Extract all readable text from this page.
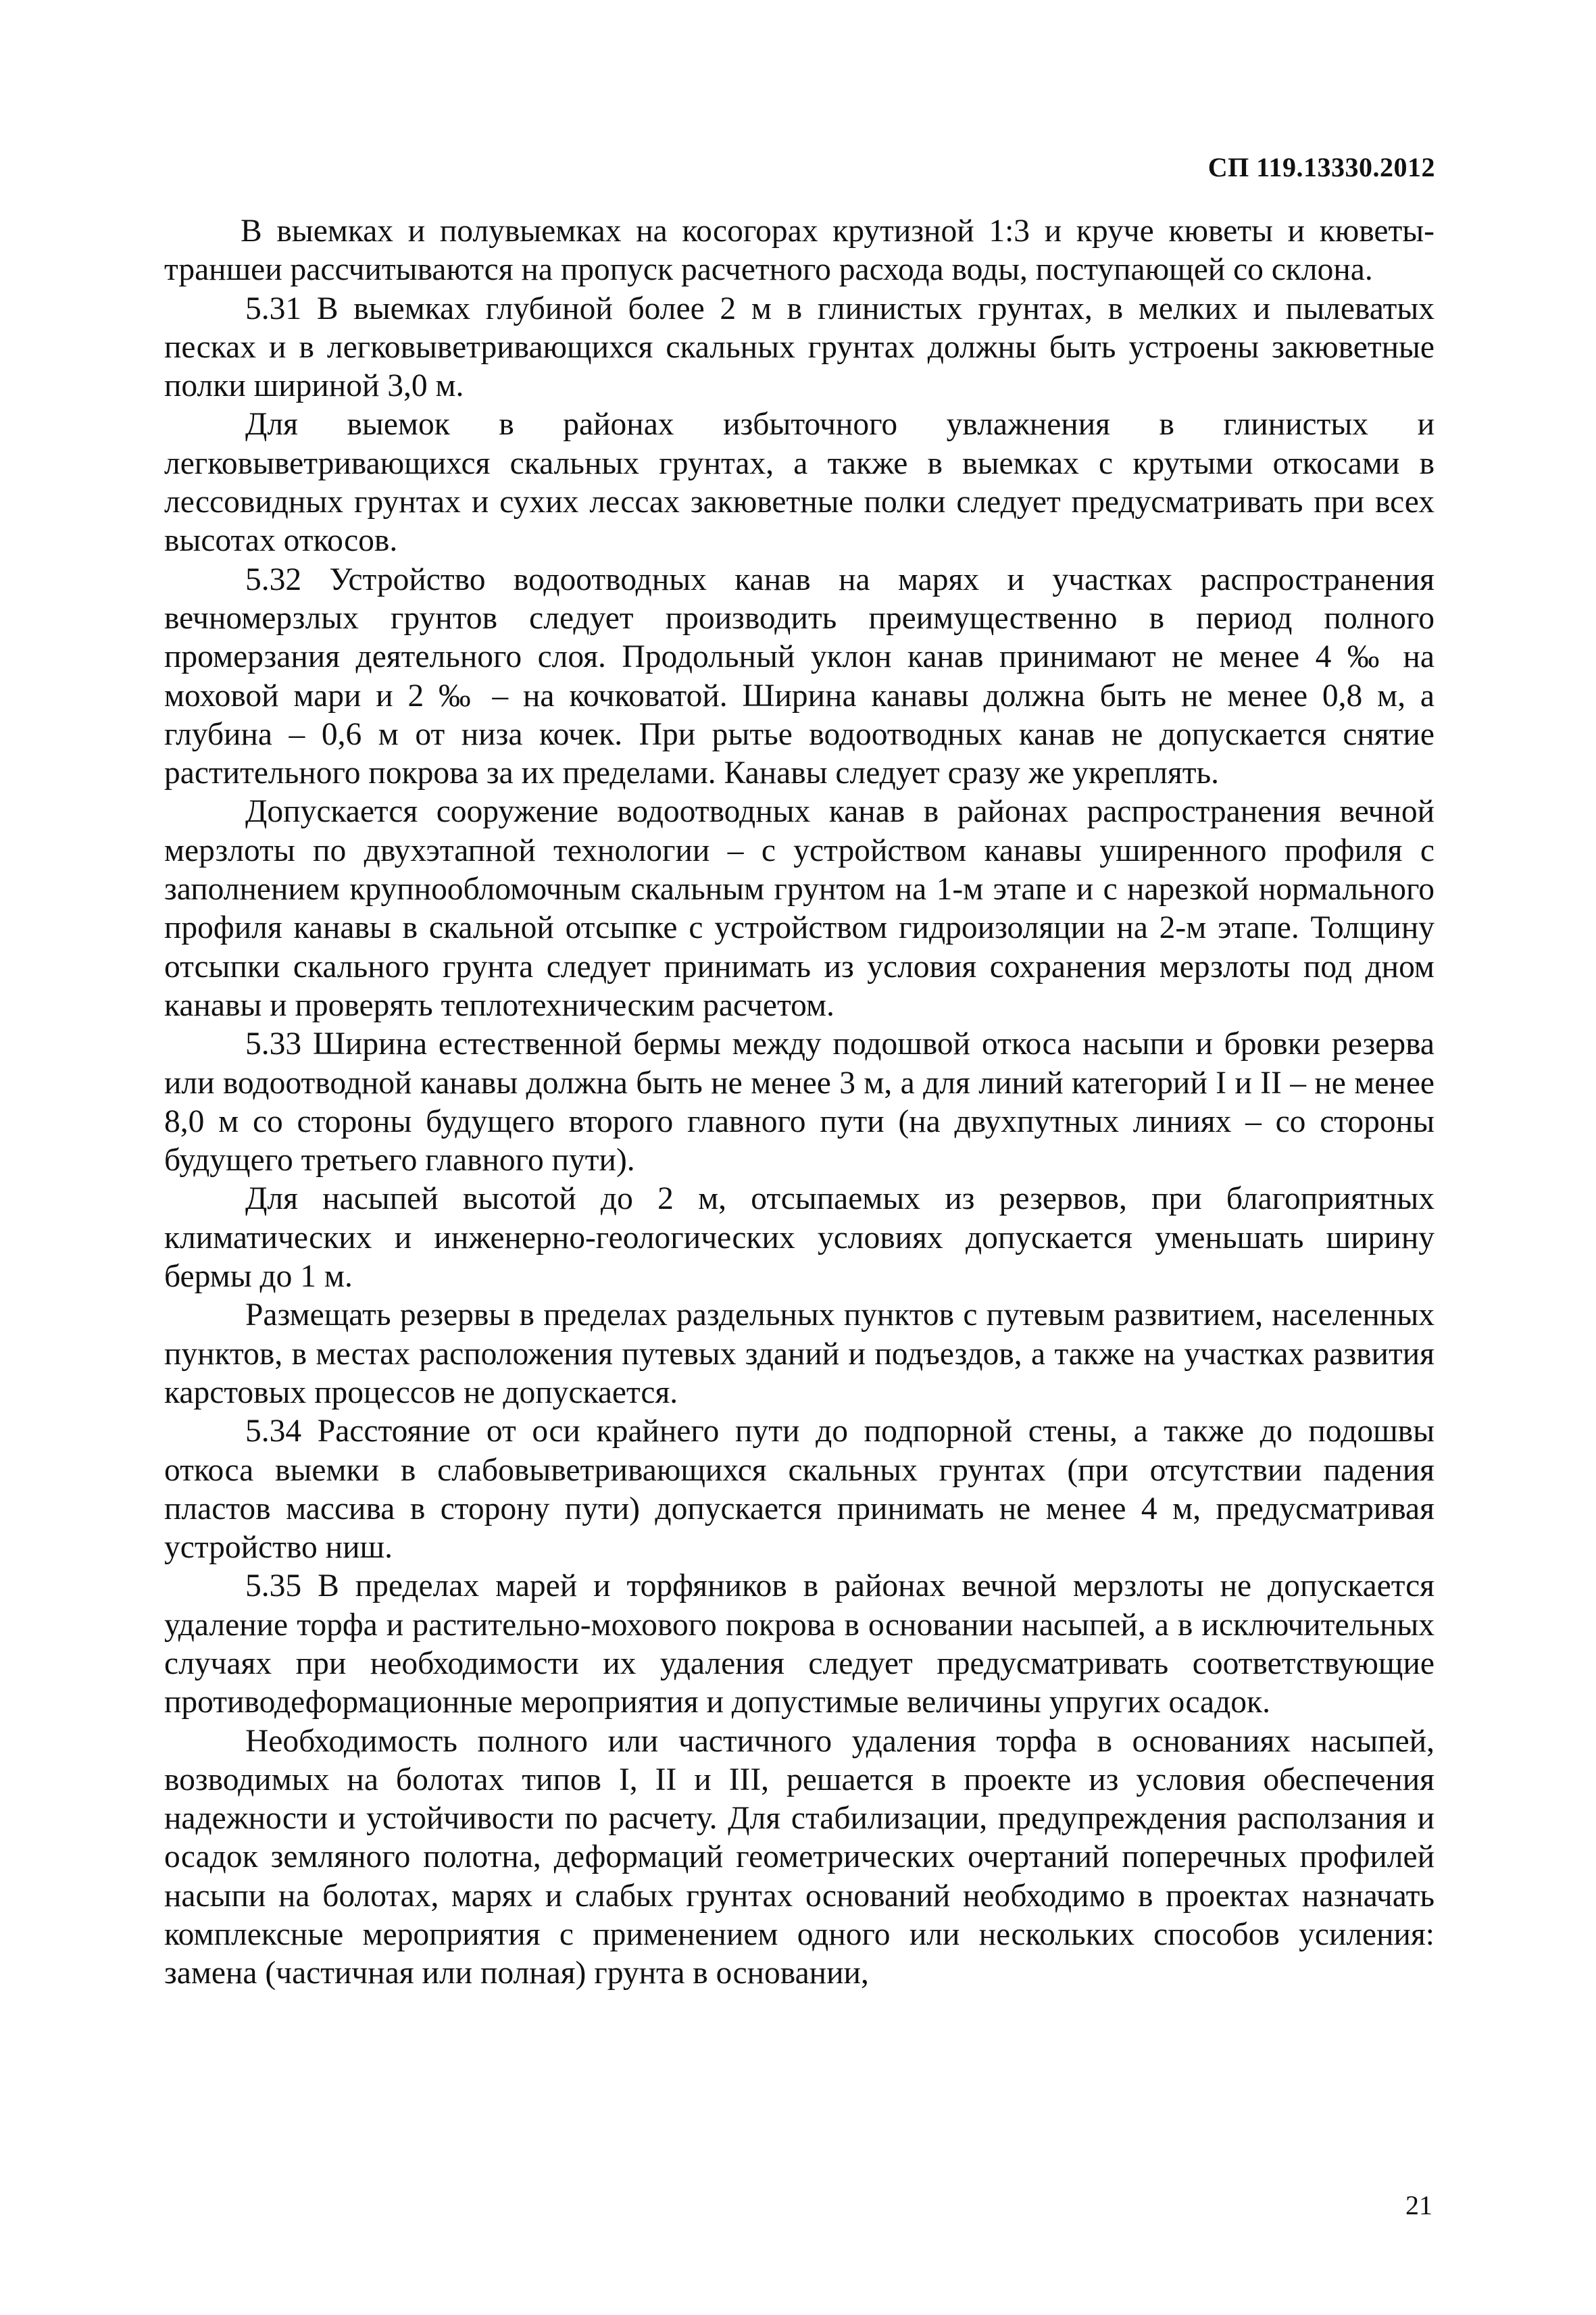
СП 119.13330.2012

В выемках и полувыемках на косогорах крутизной 1:3 и круче кюветы и кюветы-траншеи рассчитываются на пропуск расчетного расхода воды, поступающей со склона.

5.31 В выемках глубиной более 2 м в глинистых грунтах, в мелких и пылеватых песках и в легковыветривающихся скальных грунтах должны быть устроены закюветные полки шириной 3,0 м.

Для выемок в районах избыточного увлажнения в глинистых и легковыветривающихся скальных грунтах, а также в выемках с крутыми откосами в лессовидных грунтах и сухих лессах закюветные полки следует предусматривать при всех высотах откосов.

5.32 Устройство водоотводных канав на марях и участках распространения вечномерзлых грунтов следует производить преимущественно в период полного промерзания деятельного слоя. Продольный уклон канав принимают не менее 4 ‰ на моховой мари и 2 ‰ – на кочковатой. Ширина канавы должна быть не менее 0,8 м, а глубина – 0,6 м от низа кочек. При рытье водоотводных канав не допускается снятие растительного покрова за их пределами. Канавы следует сразу же укреплять.

Допускается сооружение водоотводных канав в районах распространения вечной мерзлоты по двухэтапной технологии – с устройством канавы уширенного профиля с заполнением крупнообломочным скальным грунтом на 1-м этапе и с нарезкой нормального профиля канавы в скальной отсыпке с устройством гидроизоляции на 2-м этапе. Толщину отсыпки скального грунта следует принимать из условия сохранения мерзлоты под дном канавы и проверять теплотехническим расчетом.

5.33 Ширина естественной бермы между подошвой откоса насыпи и бровки резерва или водоотводной канавы должна быть не менее 3 м, а для линий категорий I и II – не менее 8,0 м со стороны будущего второго главного пути (на двухпутных линиях – со стороны будущего третьего главного пути).

Для насыпей высотой до 2 м, отсыпаемых из резервов, при благоприятных климатических и инженерно-геологических условиях допускается уменьшать ширину бермы до 1 м.

Размещать резервы в пределах раздельных пунктов с путевым развитием, населенных пунктов, в местах расположения путевых зданий и подъездов, а также на участках развития карстовых процессов не допускается.

5.34 Расстояние от оси крайнего пути до подпорной стены, а также до подошвы откоса выемки в слабовыветривающихся скальных грунтах (при отсутствии падения пластов массива в сторону пути) допускается принимать не менее 4 м, предусматривая устройство ниш.

5.35 В пределах марей и торфяников в районах вечной мерзлоты не допускается удаление торфа и растительно-мохового покрова в основании насыпей, а в исключительных случаях при необходимости их удаления следует предусматривать соответствующие противодеформационные мероприятия и допустимые величины упругих осадок.

Необходимость полного или частичного удаления торфа в основаниях насыпей, возводимых на болотах типов I, II и III, решается в проекте из условия обеспечения надежности и устойчивости по расчету. Для стабилизации, предупреждения расползания и осадок земляного полотна, деформаций геометрических очертаний поперечных профилей насыпи на болотах, марях и слабых грунтах оснований необходимо в проектах назначать комплексные мероприятия с применением одного или нескольких способов усиления: замена (частичная или полная) грунта в основании,

21
